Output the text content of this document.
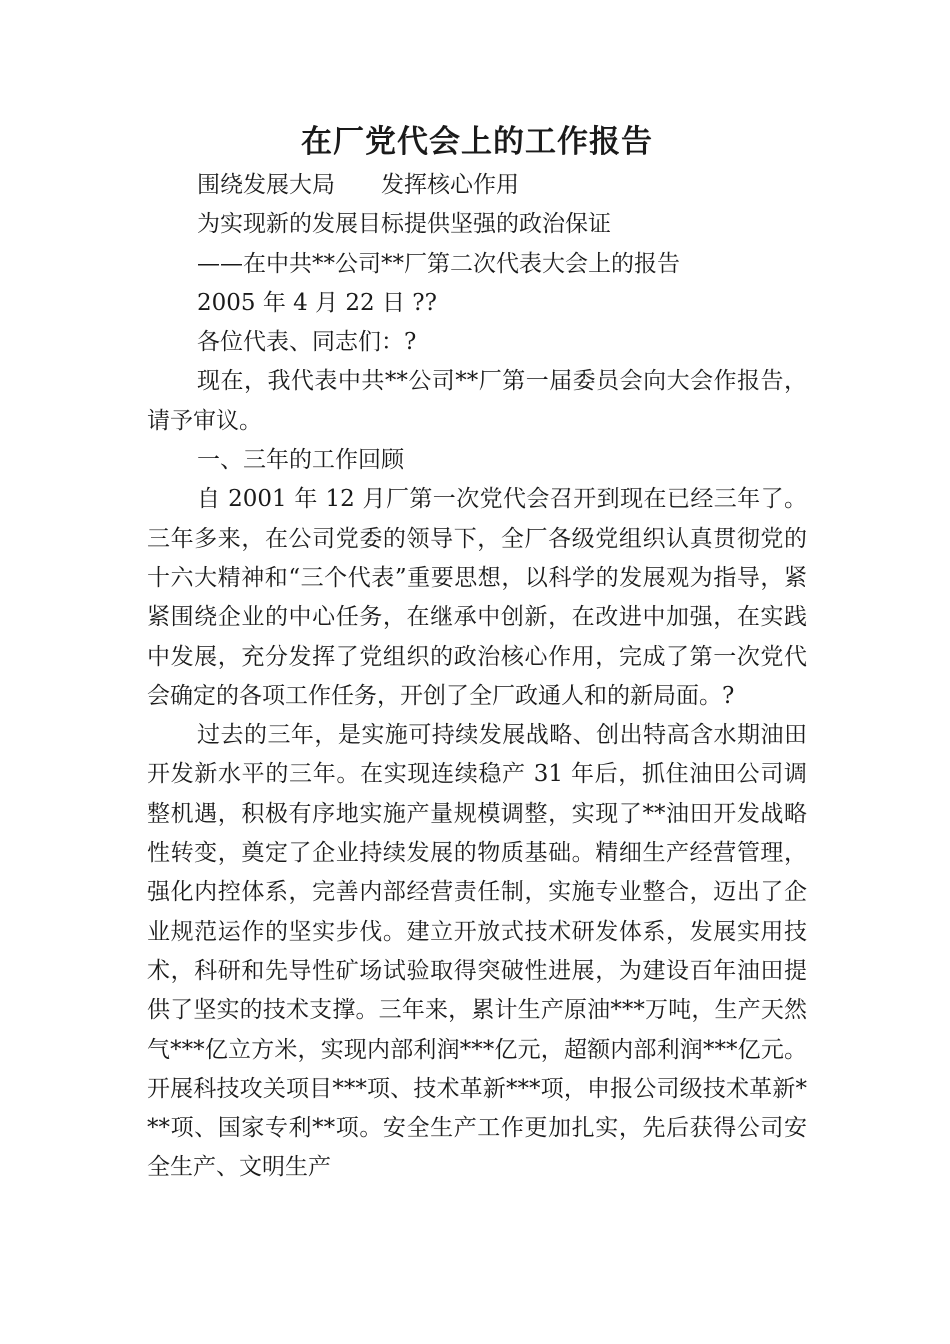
在厂党代会上的工作报告

围绕发展大局 发挥核心作用

为实现新的发展目标提供坚强的政治保证

——在中共**公司**厂第二次代表大会上的报告

2005 年 4 月 22 日 ??

各位代表、同志们：?

现在，我代表中共**公司**厂第一届委员会向大会作报告，请予审议。

一、三年的工作回顾

自 2001 年 12 月厂第一次党代会召开到现在已经三年了。三年多来，在公司党委的领导下，全厂各级党组织认真贯彻党的十六大精神和“三个代表”重要思想，以科学的发展观为指导，紧紧围绕企业的中心任务，在继承中创新，在改进中加强，在实践中发展，充分发挥了党组织的政治核心作用，完成了第一次党代会确定的各项工作任务，开创了全厂政通人和的新局面。?

过去的三年，是实施可持续发展战略、创出特高含水期油田开发新水平的三年。在实现连续稳产 31 年后，抓住油田公司调整机遇，积极有序地实施产量规模调整，实现了**油田开发战略性转变，奠定了企业持续发展的物质基础。精细生产经营管理，强化内控体系，完善内部经营责任制，实施专业整合，迈出了企业规范运作的坚实步伐。建立开放式技术研发体系，发展实用技术，科研和先导性矿场试验取得突破性进展，为建设百年油田提供了坚实的技术支撑。三年来，累计生产原油***万吨，生产天然气***亿立方米，实现内部利润***亿元，超额内部利润***亿元。开展科技攻关项目***项、技术革新***项，申报公司级技术革新***项、国家专利**项。安全生产工作更加扎实，先后获得公司安全生产、文明生产
